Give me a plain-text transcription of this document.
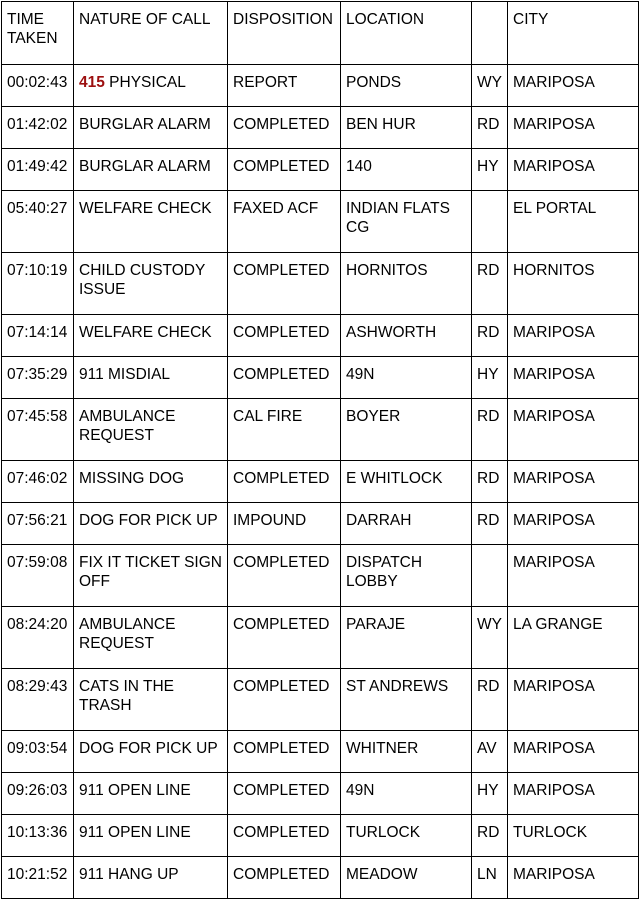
TIME TAKEN	NATURE OF CALL	DISPOSITION	LOCATION		CITY
00:02:43	415 PHYSICAL	REPORT	PONDS	WY	MARIPOSA
01:42:02	BURGLAR ALARM	COMPLETED	BEN HUR	RD	MARIPOSA
01:49:42	BURGLAR ALARM	COMPLETED	140	HY	MARIPOSA
05:40:27	WELFARE CHECK	FAXED ACF	INDIAN FLATS CG		EL PORTAL
07:10:19	CHILD CUSTODY ISSUE	COMPLETED	HORNITOS	RD	HORNITOS
07:14:14	WELFARE CHECK	COMPLETED	ASHWORTH	RD	MARIPOSA
07:35:29	911 MISDIAL	COMPLETED	49N	HY	MARIPOSA
07:45:58	AMBULANCE REQUEST	CAL FIRE	BOYER	RD	MARIPOSA
07:46:02	MISSING DOG	COMPLETED	E WHITLOCK	RD	MARIPOSA
07:56:21	DOG FOR PICK UP	IMPOUND	DARRAH	RD	MARIPOSA
07:59:08	FIX IT TICKET SIGN OFF	COMPLETED	DISPATCH LOBBY		MARIPOSA
08:24:20	AMBULANCE REQUEST	COMPLETED	PARAJE	WY	LA GRANGE
08:29:43	CATS IN THE TRASH	COMPLETED	ST ANDREWS	RD	MARIPOSA
09:03:54	DOG FOR PICK UP	COMPLETED	WHITNER	AV	MARIPOSA
09:26:03	911 OPEN LINE	COMPLETED	49N	HY	MARIPOSA
10:13:36	911 OPEN LINE	COMPLETED	TURLOCK	RD	TURLOCK
10:21:52	911 HANG UP	COMPLETED	MEADOW	LN	MARIPOSA
